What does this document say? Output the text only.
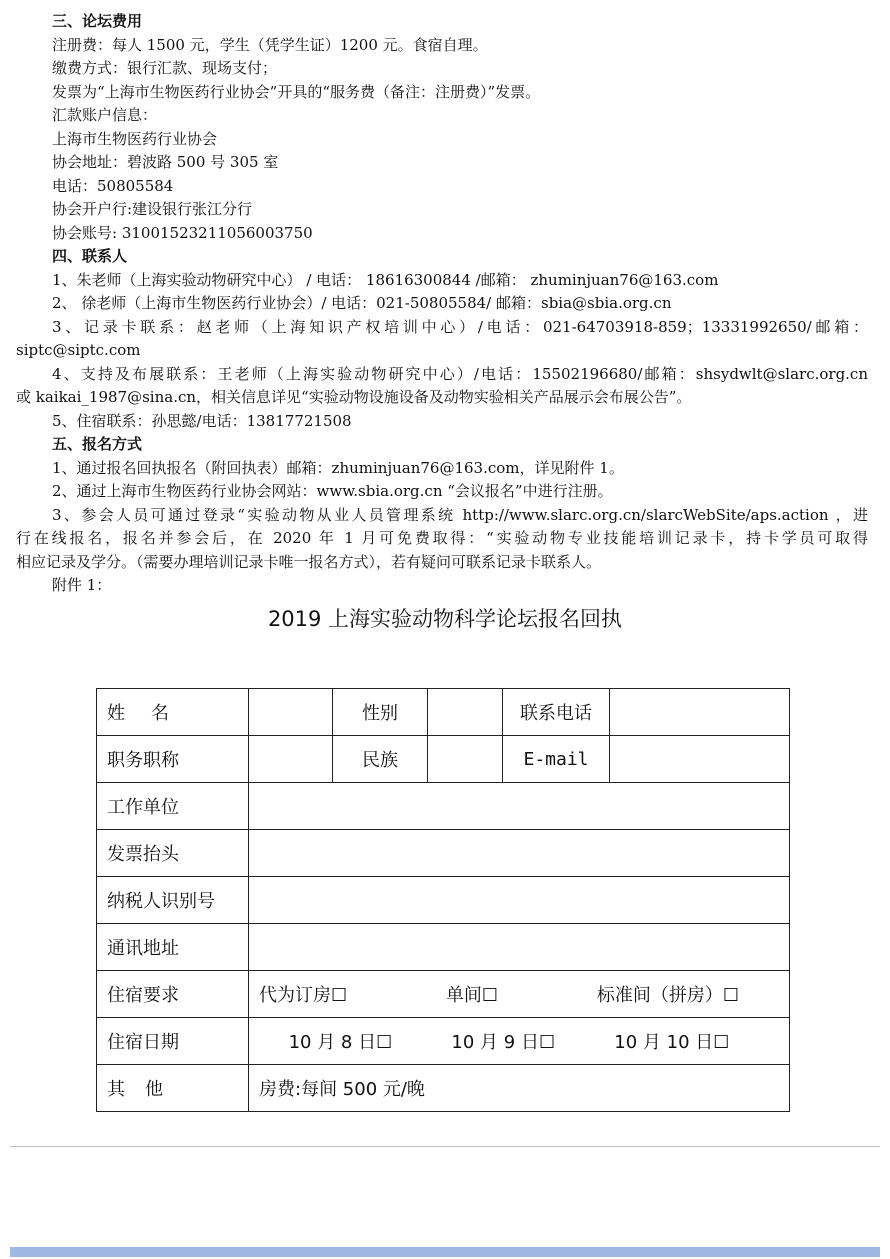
三、论坛费用
注册费：每人 1500 元，学生（凭学生证）1200 元。食宿自理。
缴费方式：银行汇款、现场支付；
发票为“上海市生物医药行业协会”开具的“服务费（备注：注册费）”发票。
汇款账户信息：
上海市生物医药行业协会
协会地址：碧波路 500 号 305 室
电话：50805584
协会开户行:建设银行张江分行
协会账号: 31001523211056003750
四、联系人
1、朱老师（上海实验动物研究中心） / 电话： 18616300844 /邮箱： zhuminjuan76@163.com
2、 徐老师（上海市生物医药行业协会）/ 电话：021-50805584/ 邮箱：sbia@sbia.org.cn
3、记录卡联系：赵老师（上海知识产权培训中心）/电话：021-64703918-859；13331992650/邮箱：
siptc@siptc.com
4、支持及布展联系：王老师（上海实验动物研究中心）/电话：15502196680/邮箱：shsydwlt@slarc.org.cn
或 kaikai_1987@sina.cn，相关信息详见“实验动物设施设备及动物实验相关产品展示会布展公告”。
5、住宿联系：孙思懿/电话：13817721508
五、报名方式
1、通过报名回执报名（附回执表）邮箱：zhuminjuan76@163.com，详见附件 1。
2、通过上海市生物医药行业协会网站：www.sbia.org.cn “会议报名”中进行注册。
3、参会人员可通过登录“实验动物从业人员管理系统 http://www.slarc.org.cn/slarcWebSite/aps.action ，进
行在线报名，报名并参会后，在 2020 年 1 月可免费取得：“实验动物专业技能培训记录卡，持卡学员可取得
相应记录及学分。（需要办理培训记录卡唯一报名方式），若有疑问可联系记录卡联系人。
附件 1：
2019 上海实验动物科学论坛报名回执
姓名		性别		联系电话	
职务职称		民族		E-mail	
工作单位					
发票抬头					
纳税人识别号					
通讯地址					
住宿要求	代为订房☐ 单间☐ 标准间（拼房）☐				

住宿日期	10 月 8 日☐ 10 月 9 日☐ 10 月 10 日☐				

其他	房费:每间 500 元/晚				
